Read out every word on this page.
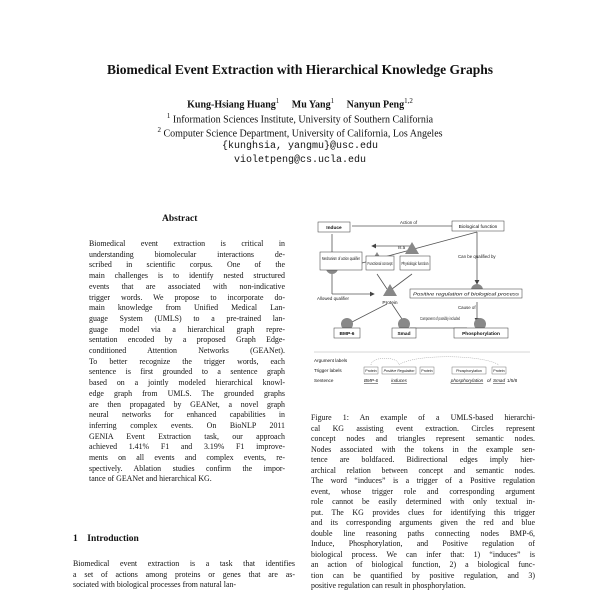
Biomedical Event Extraction with Hierarchical Knowledge Graphs
Kung-Hsiang Huang$^1$ Mu Yang$^1$ Nanyun Peng$^{1,2}$
$^1$ Information Sciences Institute, University of Southern California
$^2$ Computer Science Department, University of California, Los Angeles
{kunghsia, yangmu}@usc.edu
violetpeng@cs.ucla.edu
Abstract
Biomedical event extraction is critical in
understanding biomolecular interactions de-
scribed in scientific corpus. One of the
main challenges is to identify nested structured
events that are associated with non-indicative
trigger words. We propose to incorporate do-
main knowledge from Unified Medical Lan-
guage System (UMLS) to a pre-trained lan-
guage model via a hierarchical graph repre-
sentation encoded by a proposed Graph Edge-
conditioned Attention Networks (GEANet).
To better recognize the trigger words, each
sentence is first grounded to a sentence graph
based on a jointly modeled hierarchical knowl-
edge graph from UMLS. The grounded graphs
are then propagated by GEANet, a novel graph
neural networks for enhanced capabilities in
inferring complex events. On BioNLP 2011
GENIA Event Extraction task, our approach
achieved 1.41% F1 and 3.19% F1 improve-
ments on all events and complex events, re-
spectively. Ablation studies confirm the impor-
tance of GEANet and hierarchical KG.
1 Introduction
Biomedical event extraction is a task that identifies
a set of actions among proteins or genes that are as-
sociated with biological processes from natural lan-
Induce	Biological function
Mechanism of action qualifier
Functional concept
Physiologic function
Protein
Positive regulation of biological process
BMP-6	Smad	Phosphorylation
Action of
Is a
Can be qualified by
Allowed qualifier
Cause of
Component of possibly included
Argument labels
Trigger labels
Sentence
Protein Positive Regulation Protein	Phosphorylation	Protein
BMP-6	induces	phosphorylation of Smad 1/5/8
Figure 1: An example of a UMLS-based hierarchi-
cal KG assisting event extraction. Circles represent
concept nodes and triangles represent semantic nodes.
Nodes associated with the tokens in the example sen-
tence are boldfaced. Bidirectional edges imply hier-
archical relation between concept and semantic nodes.
The word “induces” is a trigger of a Positive regulation
event, whose trigger role and corresponding argument
role cannot be easily determined with only textual in-
put. The KG provides clues for identifying this trigger
and its corresponding arguments given the red and blue
double line reasoning paths connecting nodes BMP-6,
Induce, Phosphorylation, and Positive regulation of
biological process. We can infer that: 1) “induces” is
an action of biological function, 2) a biological func-
tion can be quantified by positive regulation, and 3)
positive regulation can result in phosphorylation.
